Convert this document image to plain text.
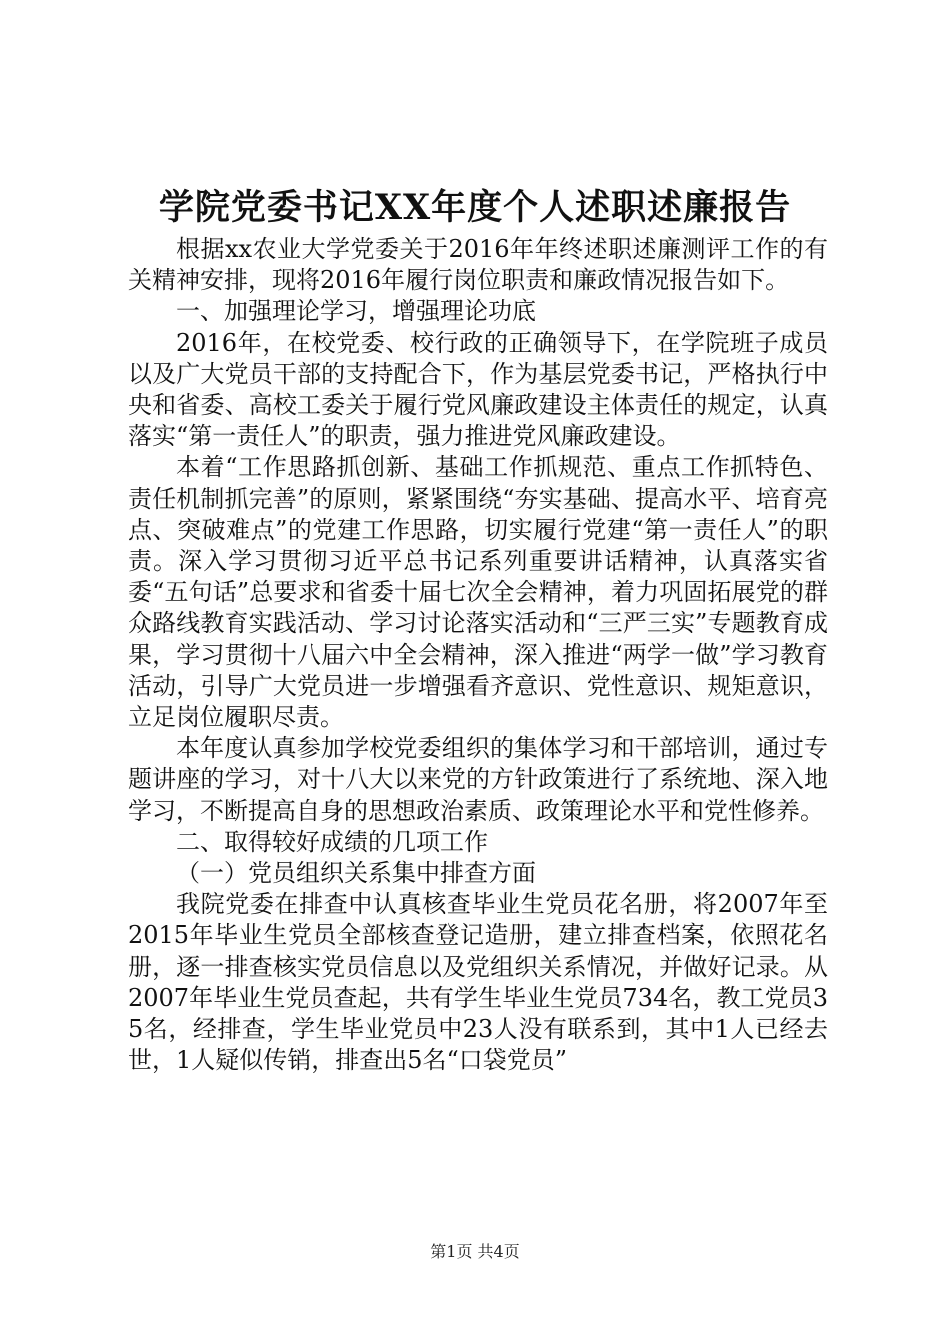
学院党委书记XX年度个人述职述廉报告

根据xx农业大学党委关于2016年年终述职述廉测评工作的有关精神安排，现将2016年履行岗位职责和廉政情况报告如下。

一、加强理论学习，增强理论功底

2016年，在校党委、校行政的正确领导下，在学院班子成员以及广大党员干部的支持配合下，作为基层党委书记，严格执行中央和省委、高校工委关于履行党风廉政建设主体责任的规定，认真落实“第一责任人”的职责，强力推进党风廉政建设。

本着“工作思路抓创新、基础工作抓规范、重点工作抓特色、责任机制抓完善”的原则，紧紧围绕“夯实基础、提高水平、培育亮点、突破难点”的党建工作思路，切实履行党建“第一责任人”的职责。深入学习贯彻习近平总书记系列重要讲话精神，认真落实省委“五句话”总要求和省委十届七次全会精神，着力巩固拓展党的群众路线教育实践活动、学习讨论落实活动和“三严三实”专题教育成果，学习贯彻十八届六中全会精神，深入推进“两学一做”学习教育活动，引导广大党员进一步增强看齐意识、党性意识、规矩意识，立足岗位履职尽责。

本年度认真参加学校党委组织的集体学习和干部培训，通过专题讲座的学习，对十八大以来党的方针政策进行了系统地、深入地学习，不断提高自身的思想政治素质、政策理论水平和党性修养。

二、取得较好成绩的几项工作

（一）党员组织关系集中排查方面

我院党委在排查中认真核查毕业生党员花名册，将2007年至2015年毕业生党员全部核查登记造册，建立排查档案，依照花名册，逐一排查核实党员信息以及党组织关系情况，并做好记录。从2007年毕业生党员查起，共有学生毕业生党员734名，教工党员35名，经排查，学生毕业党员中23人没有联系到，其中1人已经去世，1人疑似传销，排查出5名“口袋党员”

第1页 共4页
